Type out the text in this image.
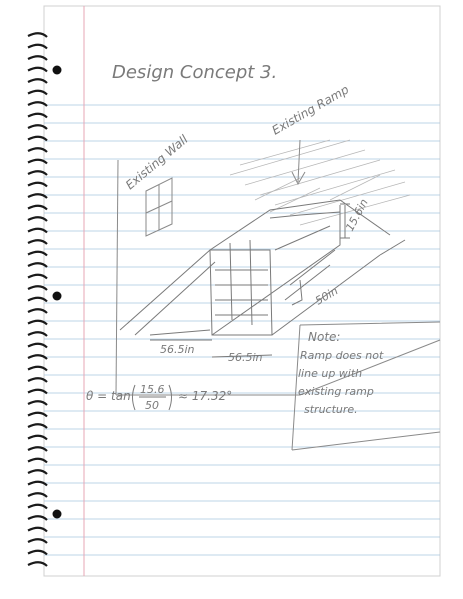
Design Concept 3.
Existing Wall
Existing Ramp
15.6in
50in
56.5in
56.5in
θ = tan 15.6
50
≈ 17.32°
Note:
Ramp does not
line up with
existing ramp
structure.
